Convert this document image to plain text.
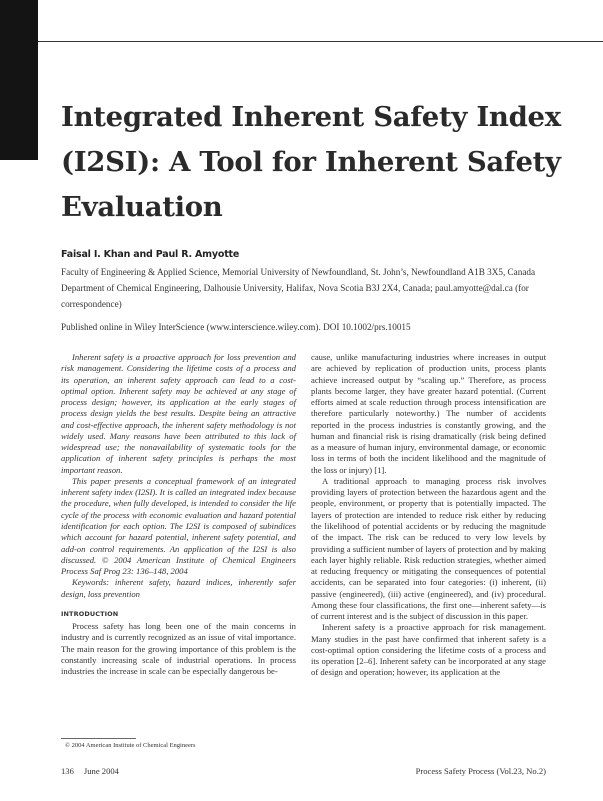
Integrated Inherent Safety Index
(I2SI): A Tool for Inherent Safety
Evaluation
Faisal I. Khan and Paul R. Amyotte

Faculty of Engineering & Applied Science, Memorial University of Newfoundland, St. John’s, Newfoundland A1B 3X5, Canada

Department of Chemical Engineering, Dalhousie University, Halifax, Nova Scotia B3J 2X4, Canada; paul.amyotte@dal.ca (for correspondence)

Published online in Wiley InterScience (www.interscience.wiley.com). DOI 10.1002/prs.10015

Inherent safety is a proactive approach for loss prevention and risk management. Considering the lifetime costs of a process and its operation, an inherent safety approach can lead to a cost-optimal option. Inherent safety may be achieved at any stage of process design; however, its application at the early stages of process design yields the best results. Despite being an attractive and cost-effective approach, the inherent safety methodology is not widely used. Many reasons have been attributed to this lack of widespread use; the nonavailability of systematic tools for the application of inherent safety principles is perhaps the most important reason.

This paper presents a conceptual framework of an integrated inherent safety index (I2SI). It is called an integrated index because the procedure, when fully developed, is intended to consider the life cycle of the process with economic evaluation and hazard potential identification for each option. The I2SI is composed of subindices which account for hazard potential, inherent safety potential, and add-on control requirements. An application of the I2SI is also discussed. © 2004 American Institute of Chemical Engineers Process Saf Prog 23: 136–148, 2004

Keywords: inherent safety, hazard indices, inherently safer design, loss prevention

INTRODUCTION

Process safety has long been one of the main concerns in industry and is currently recognized as an issue of vital importance. The main reason for the growing importance of this problem is the constantly increasing scale of industrial operations. In process industries the increase in scale can be especially dangerous be-

cause, unlike manufacturing industries where increases in output are achieved by replication of production units, process plants achieve increased output by “scaling up.” Therefore, as process plants become larger, they have greater hazard potential. (Current efforts aimed at scale reduction through process intensification are therefore particularly noteworthy.) The number of accidents reported in the process industries is constantly growing, and the human and financial risk is rising dramatically (risk being defined as a measure of human injury, environmental damage, or economic loss in terms of both the incident likelihood and the magnitude of the loss or injury) [1].

A traditional approach to managing process risk involves providing layers of protection between the hazardous agent and the people, environment, or property that is potentially impacted. The layers of protection are intended to reduce risk either by reducing the likelihood of potential accidents or by reducing the magnitude of the impact. The risk can be reduced to very low levels by providing a sufficient number of layers of protection and by making each layer highly reliable. Risk reduction strategies, whether aimed at reducing frequency or mitigating the consequences of potential accidents, can be separated into four categories: (i) inherent, (ii) passive (engineered), (iii) active (engineered), and (iv) procedural. Among these four classifications, the first one—inherent safety—is of current interest and is the subject of discussion in this paper.

Inherent safety is a proactive approach for risk management. Many studies in the past have confirmed that inherent safety is a cost-optimal option considering the lifetime costs of a process and its operation [2–6]. Inherent safety can be incorporated at any stage of design and operation; however, its application at the

© 2004 American Institute of Chemical Engineers
136 June 2004	Process Safety Process (Vol.23, No.2)
